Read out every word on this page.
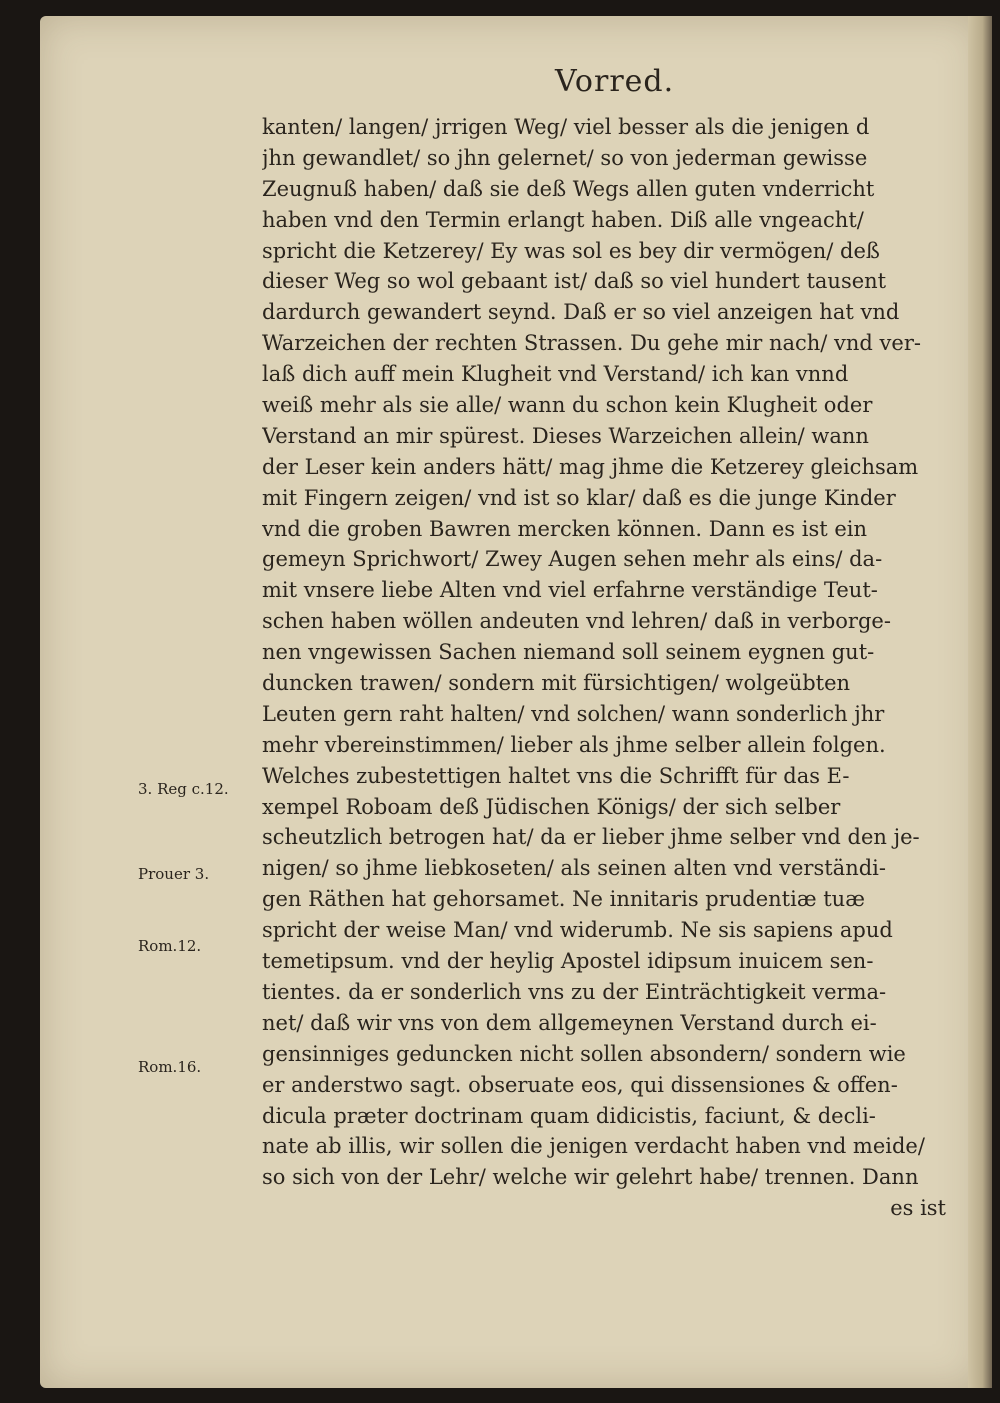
Vorred.
kanten/ langen/ jrrigen Weg/ viel besser als die jenigen d
jhn gewandlet/ so jhn gelernet/ so von jederman gewisse
Zeugnuß haben/ daß sie deß Wegs allen guten vnderricht
haben vnd den Termin erlangt haben. Diß alle vngeacht/
spricht die Ketzerey/ Ey was sol es bey dir vermögen/ deß
dieser Weg so wol gebaant ist/ daß so viel hundert tausent
dardurch gewandert seynd. Daß er so viel anzeigen hat vnd
Warzeichen der rechten Strassen. Du gehe mir nach/ vnd ver-
laß dich auff mein Klugheit vnd Verstand/ ich kan vnnd
weiß mehr als sie alle/ wann du schon kein Klugheit oder
Verstand an mir spürest. Dieses Warzeichen allein/ wann
der Leser kein anders hätt/ mag jhme die Ketzerey gleichsam
mit Fingern zeigen/ vnd ist so klar/ daß es die junge Kinder
vnd die groben Bawren mercken können. Dann es ist ein
gemeyn Sprichwort/ Zwey Augen sehen mehr als eins/ da-
mit vnsere liebe Alten vnd viel erfahrne verständige Teut-
schen haben wöllen andeuten vnd lehren/ daß in verborge-
nen vngewissen Sachen niemand soll seinem eygnen gut-
duncken trawen/ sondern mit fürsichtigen/ wolgeübten
Leuten gern raht halten/ vnd solchen/ wann sonderlich jhr
mehr vbereinstimmen/ lieber als jhme selber allein folgen.
Welches zubestettigen haltet vns die Schrifft für das E-
xempel Roboam deß Jüdischen Königs/ der sich selber
scheutzlich betrogen hat/ da er lieber jhme selber vnd den je-
nigen/ so jhme liebkoseten/ als seinen alten vnd verständi-
gen Räthen hat gehorsamet. Ne innitaris prudentiæ tuæ
spricht der weise Man/ vnd widerumb. Ne sis sapiens apud
temetipsum. vnd der heylig Apostel idipsum inuicem sen-
tientes. da er sonderlich vns zu der Einträchtigkeit verma-
net/ daß wir vns von dem allgemeynen Verstand durch ei-
gensinniges geduncken nicht sollen absondern/ sondern wie
er anderstwo sagt. obseruate eos, qui dissensiones & offen-
dicula præter doctrinam quam didicistis, faciunt, & decli-
nate ab illis, wir sollen die jenigen verdacht haben vnd meide/
so sich von der Lehr/ welche wir gelehrt habe/ trennen. Dann
es ist
3. Reg c.12.
Prouer 3.
Rom.12.
Rom.16.
